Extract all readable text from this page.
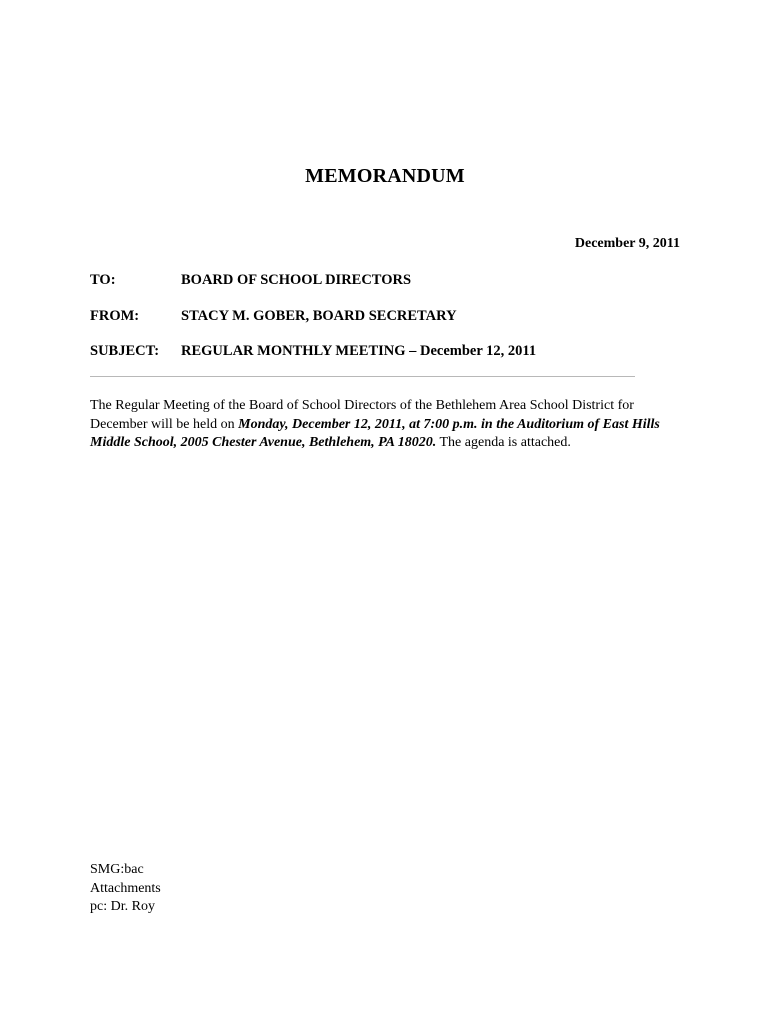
MEMORANDUM
December 9, 2011
TO:	BOARD OF SCHOOL DIRECTORS
FROM:	STACY M. GOBER, BOARD SECRETARY
SUBJECT: REGULAR MONTHLY MEETING – December 12, 2011
The Regular Meeting of the Board of School Directors of the Bethlehem Area School District for December will be held on Monday, December 12, 2011, at 7:00 p.m. in the Auditorium of East Hills Middle School, 2005 Chester Avenue, Bethlehem, PA 18020. The agenda is attached.
SMG:bac
Attachments
pc: Dr. Roy
